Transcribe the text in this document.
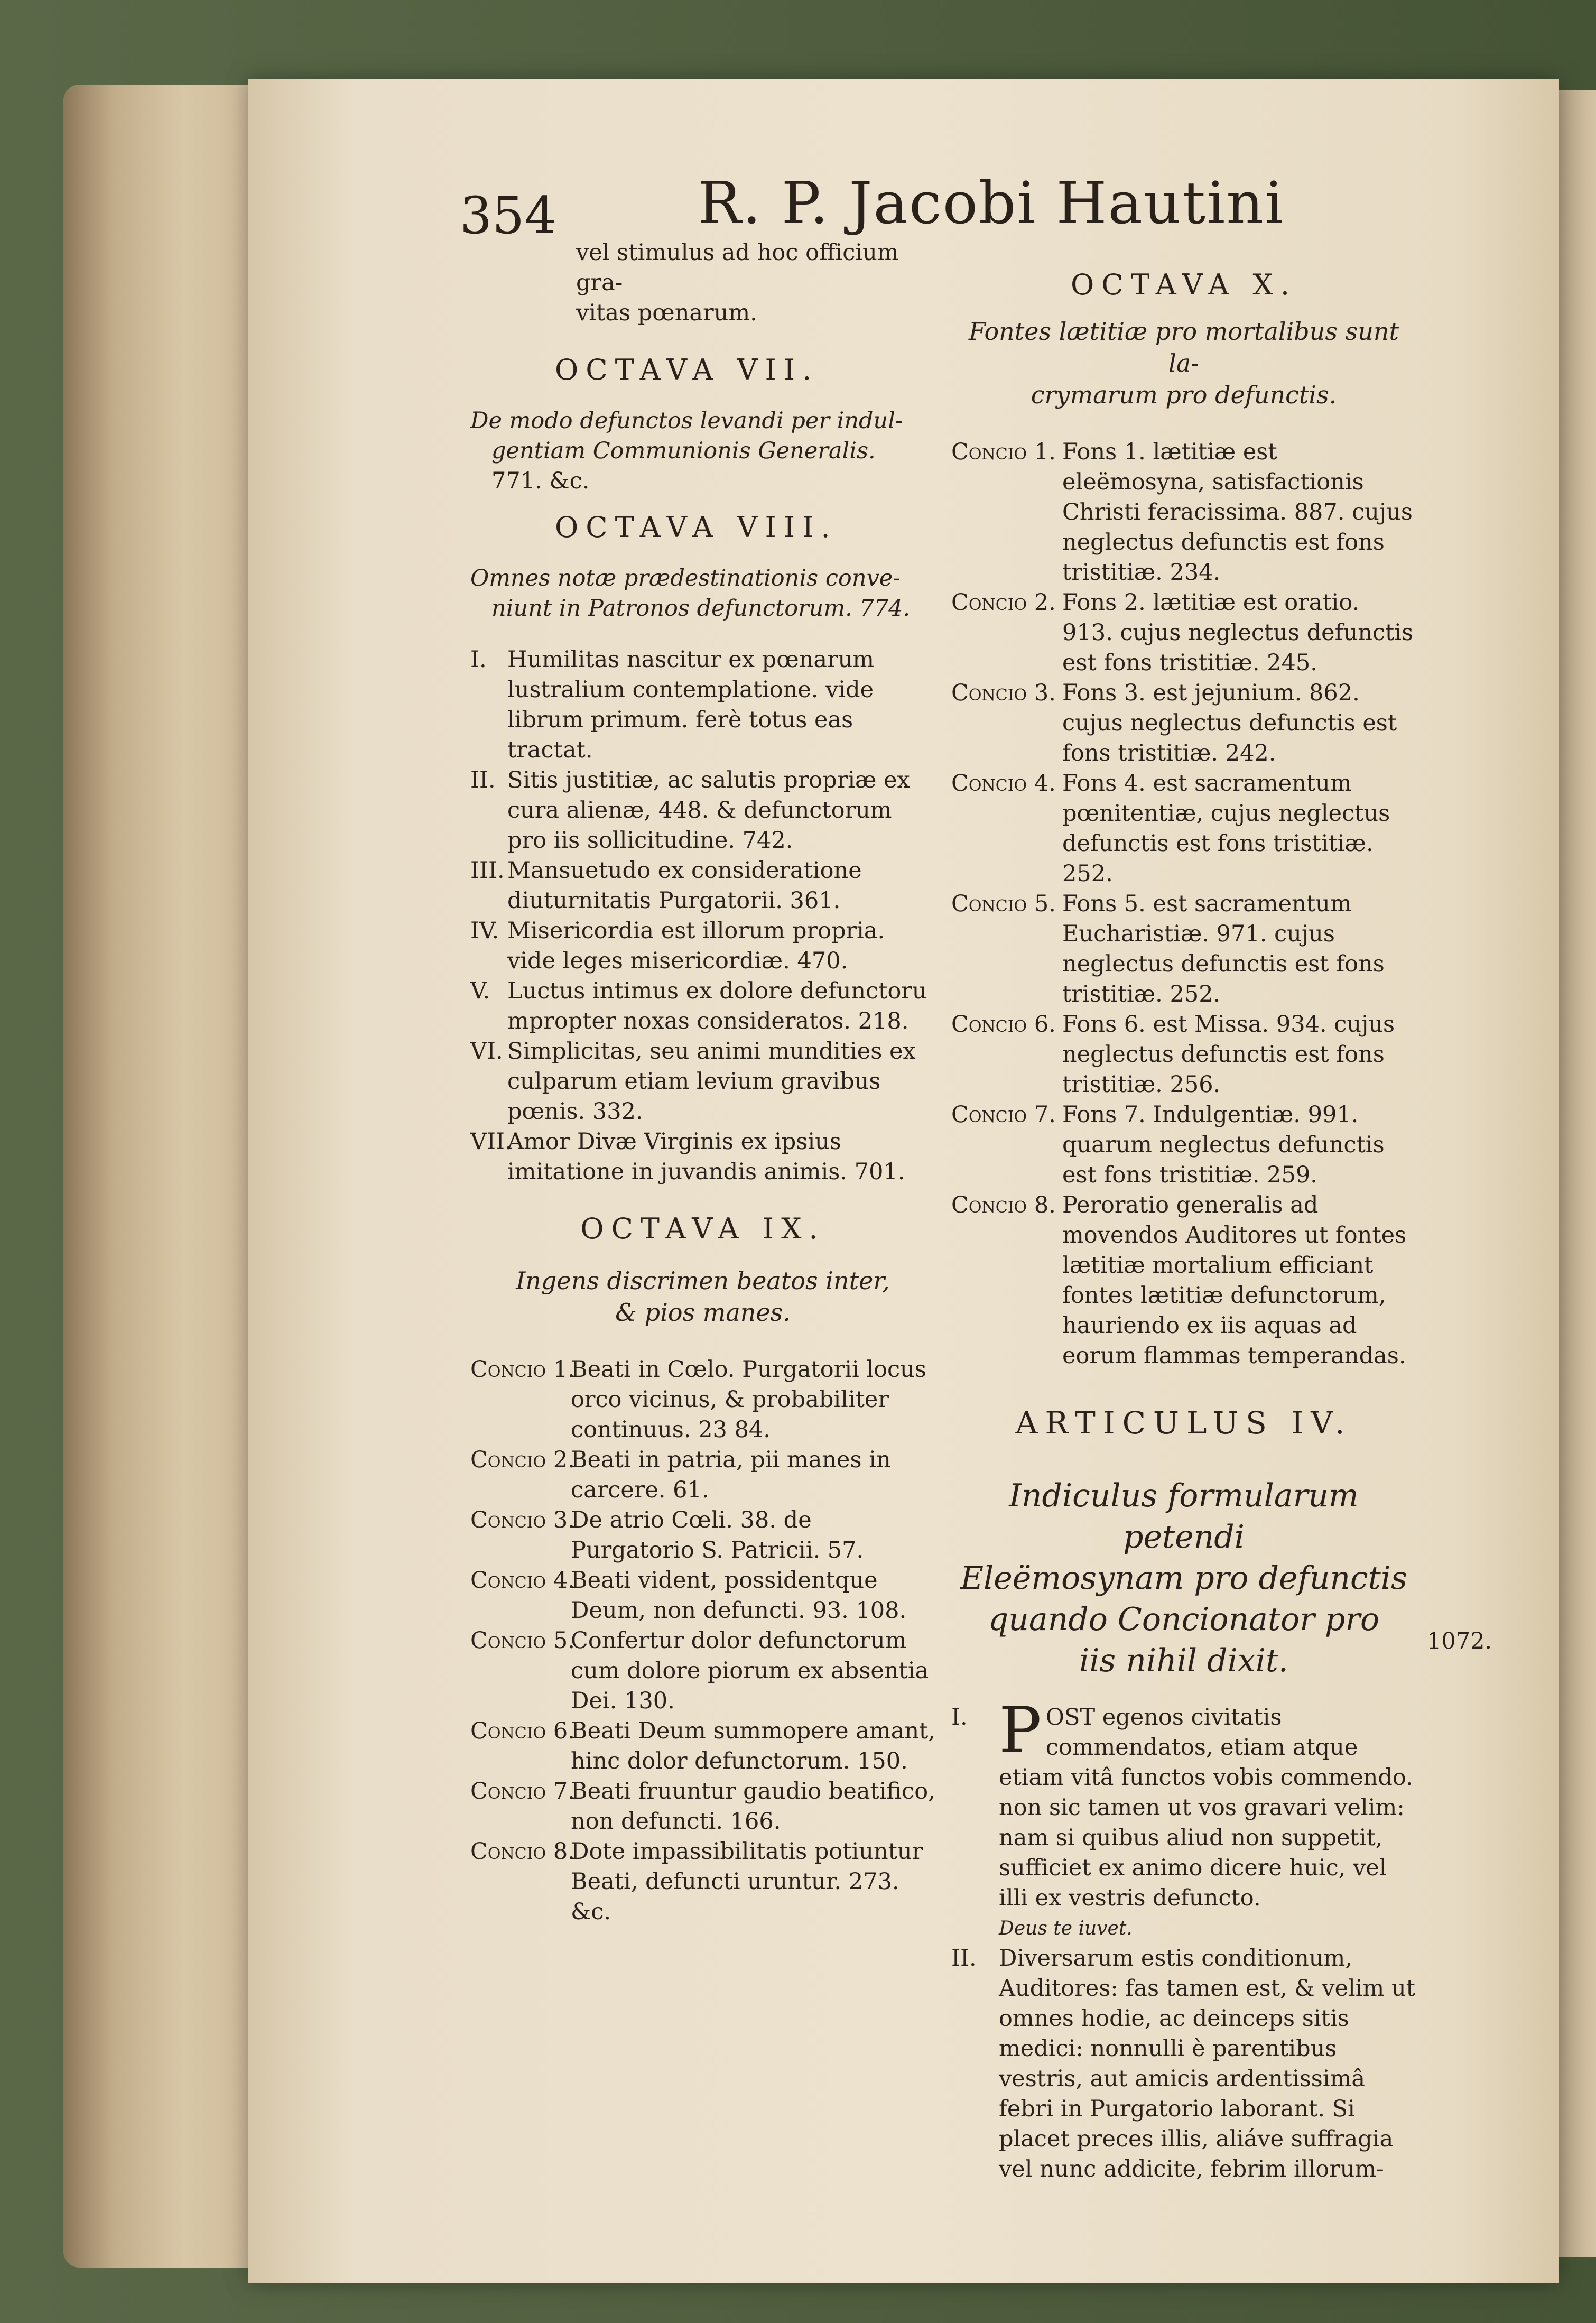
354 R. P. Jacobi Hautini

vel stimulus ad hoc officium gra-

vitas pœnarum.

OCTAVA VII.

De modo defunctos levandi per indul-

gentiam Communionis Generalis.

771. &c.

OCTAVA VIII.

Omnes notæ prædestinationis conve-

niunt in Patronos defunctorum. 774.

I. Humilitas nascitur ex pœnarum lustralium contemplatione. vide librum primum. ferè totus eas tractat.
II. Sitis justitiæ, ac salutis propriæ ex cura alienæ, 448. & defunctorum pro iis sollicitudine. 742.
III. Mansuetudo ex consideratione diuturnitatis Purgatorii. 361.
IV. Misericordia est illorum propria. vide leges misericordiæ. 470.
V. Luctus intimus ex dolore defunctoru mpropter noxas consideratos. 218.
VI. Simplicitas, seu animi mundities ex culparum etiam levium gravibus pœnis. 332.
VII.
Amor Divæ Virginis ex ipsius imitatione in juvandis animis. 701.

OCTAVA IX.

Ingens discrimen beatos inter,

& pios manes.

Concio 1.
Beati in Cœlo. Purgatorii locus orco vicinus, & probabiliter continuus. 23 84.
Concio 2.
Beati in patria, pii manes in carcere. 61.
Concio 3.
De atrio Cœli. 38. de Purgatorio S. Patricii. 57.
Concio 4.
Beati vident, possidentque Deum, non defuncti. 93. 108.
Concio 5.
Confertur dolor defunctorum cum dolore piorum ex absentia Dei. 130.
Concio 6.
Beati Deum summopere amant, hinc dolor defunctorum. 150.
Concio 7.
Beati fruuntur gaudio beatifico, non defuncti. 166.
Concio 8.
Dote impassibilitatis potiuntur Beati, defuncti uruntur. 273. &c.

OCTAVA X.

Fontes lætitiæ pro mortalibus sunt la-

crymarum pro defunctis.

Concio 1. Fons 1. lætitiæ est eleëmosyna, satisfactionis Christi feracissima. 887. cujus neglectus defunctis est fons tristitiæ. 234.
Concio 2. Fons 2. lætitiæ est oratio. 913. cujus neglectus defunctis est fons tristitiæ. 245.
Concio 3. Fons 3. est jejunium. 862. cujus neglectus defunctis est fons tristitiæ. 242.
Concio 4. Fons 4. est sacramentum pœnitentiæ, cujus neglectus defunctis est fons tristitiæ. 252.
Concio 5. Fons 5. est sacramentum Eucharistiæ. 971. cujus neglectus defunctis est fons tristitiæ. 252.
Concio 6. Fons 6. est Missa. 934. cujus neglectus defunctis est fons tristitiæ. 256.
Concio 7. Fons 7. Indulgentiæ. 991. quarum neglectus defunctis est fons tristitiæ. 259.
Concio 8. Peroratio generalis ad movendos Auditores ut fontes lætitiæ mortalium efficiant fontes lætitiæ defunctorum, hauriendo ex iis aquas ad eorum flammas temperandas.

ARTICULUS IV.

Indiculus formularum petendi

Eleëmosynam pro defunctis

quando Concionator pro

iis nihil dixit.

I. P OST egenos civitatis commendatos, etiam atque etiam vitâ functos vobis commendo. non sic tamen ut vos gravari velim: nam si quibus aliud non suppetit, sufficiet ex animo dicere huic, vel illi ex vestris defuncto.
Deus te iuvet.
II. Diversarum estis conditionum, Auditores: fas tamen est, & velim ut omnes hodie, ac deinceps sitis medici: nonnulli è parentibus vestris, aut amicis ardentissimâ febri in Purgatorio laborant. Si placet preces illis, aliáve suffragia vel nunc addicite, febrim illorum-
1072.
